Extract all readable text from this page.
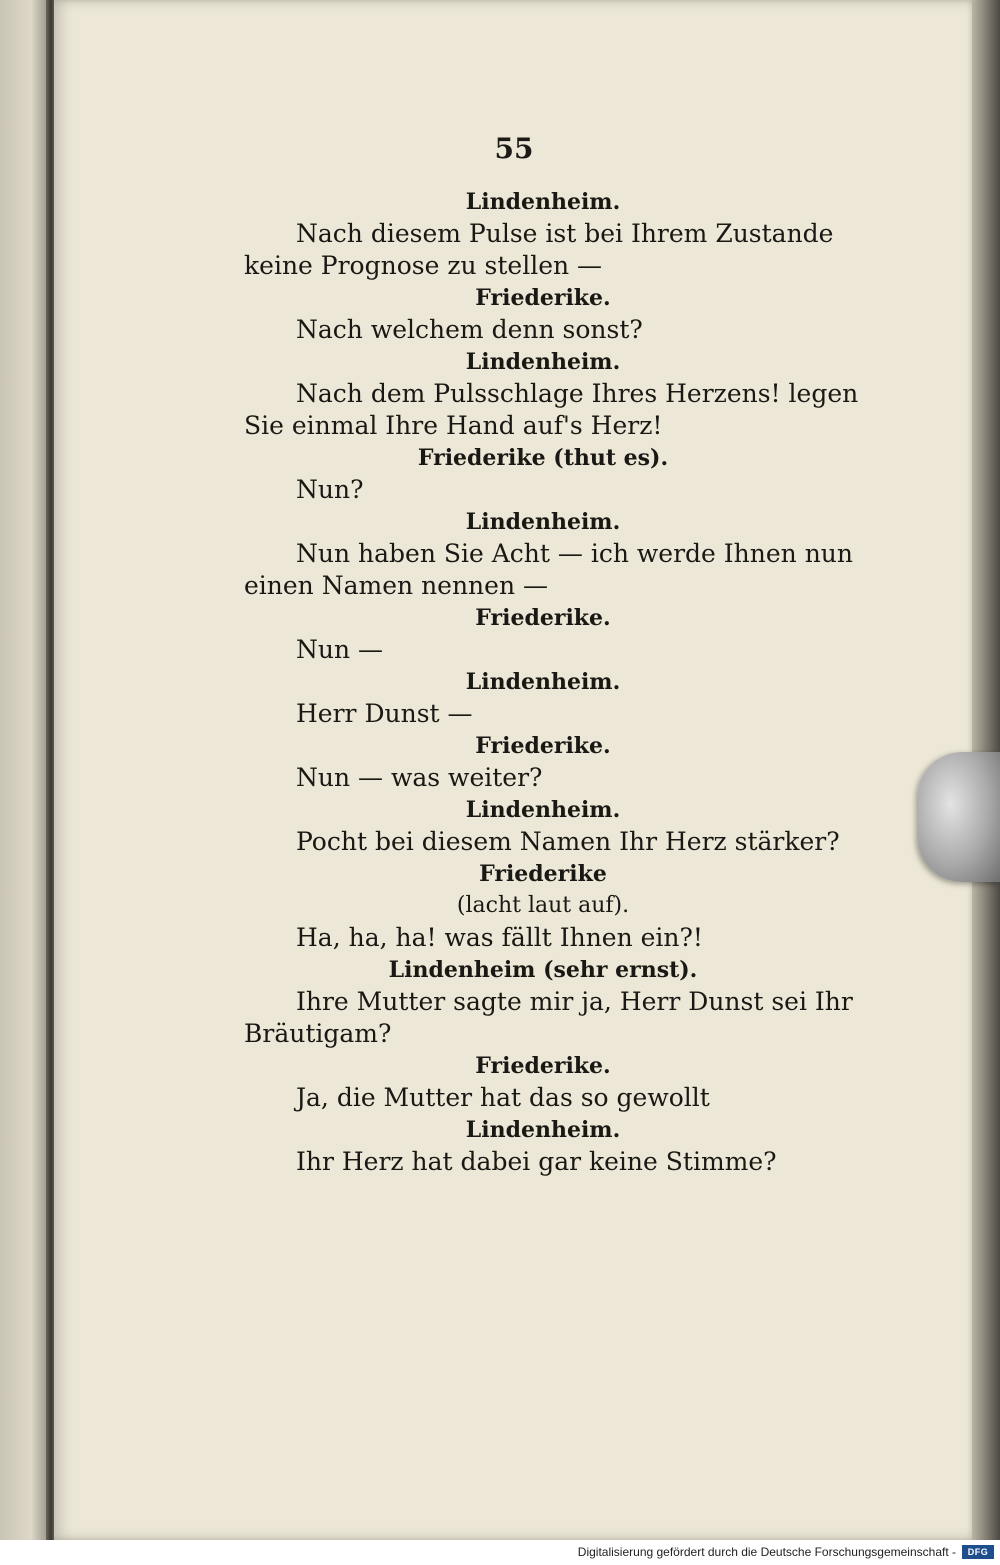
55
Lindenheim.
Nach diesem Pulse ist bei Ihrem Zustande
keine Prognose zu stellen —
Friederike.
Nach welchem denn sonst?
Lindenheim.
Nach dem Pulsschlage Ihres Herzens! legen
Sie einmal Ihre Hand auf's Herz!
Friederike (thut es).
Nun?
Lindenheim.
Nun haben Sie Acht — ich werde Ihnen nun
einen Namen nennen —
Friederike.
Nun —
Lindenheim.
Herr Dunst —
Friederike.
Nun — was weiter?
Lindenheim.
Pocht bei diesem Namen Ihr Herz stärker?
Friederike
(lacht laut auf).
Ha, ha, ha! was fällt Ihnen ein?!
Lindenheim (sehr ernst).
Ihre Mutter sagte mir ja, Herr Dunst sei Ihr
Bräutigam?
Friederike.
Ja, die Mutter hat das so gewollt
Lindenheim.
Ihr Herz hat dabei gar keine Stimme?
Digitalisierung gefördert durch die Deutsche Forschungsgemeinschaft -	DFG
